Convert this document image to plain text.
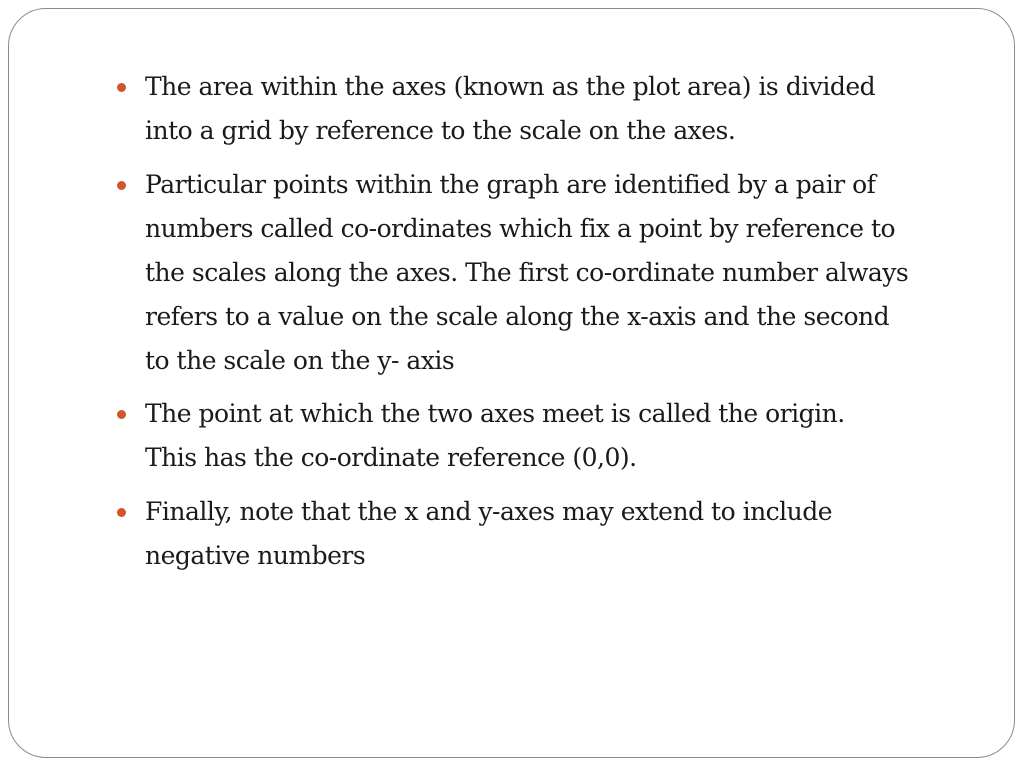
The area within the axes (known as the plot area) is divided
into a grid by reference to the scale on the axes.
Particular points within the graph are identified by a pair of
numbers called co-ordinates which fix a point by reference to
the scales along the axes. The first co-ordinate number always
refers to a value on the scale along the x-axis and the second
to the scale on the y- axis
The point at which the two axes meet is called the origin.
This has the co-ordinate reference (0,0).
Finally, note that the x and y-axes may extend to include
negative numbers
